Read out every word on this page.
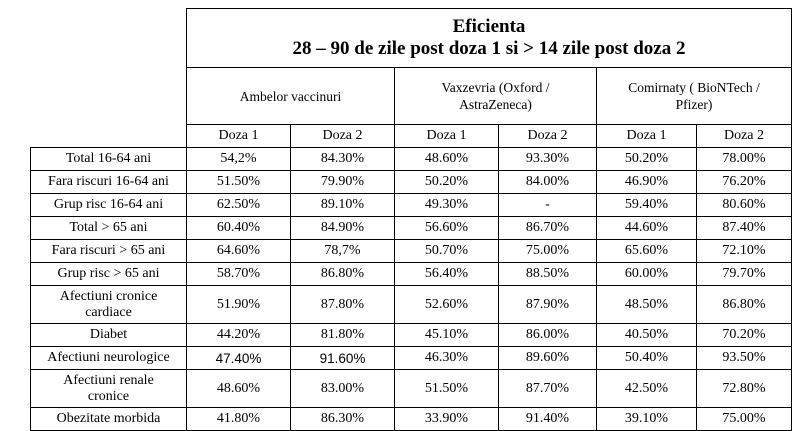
	Eficienta
28 – 90 de zile post doza 1 si > 14 zile post doza 2					

	Ambelor vaccinuri		Vaxzevria (Oxford / AstraZeneca)		Comirnaty ( BioNTech / Pfizer)	

	Doza 1	Doza 2	Doza 1	Doza 2	Doza 1	Doza 2
Total 16-64 ani	54,2%	84.30%	48.60%	93.30%	50.20%	78.00%
Fara riscuri 16-64 ani	51.50%	79.90%	50.20%	84.00%	46.90%	76.20%
Grup risc 16-64 ani	62.50%	89.10%	49.30%	-	59.40%	80.60%
Total > 65 ani	60.40%	84.90%	56.60%	86.70%	44.60%	87.40%
Fara riscuri > 65 ani	64.60%	78,7%	50.70%	75.00%	65.60%	72.10%
Grup risc > 65 ani	58.70%	86.80%	56.40%	88.50%	60.00%	79.70%

Afectiuni cronice cardiace	51.90%	87.80%	52.60%	87.90%	48.50%	86.80%
Diabet	44.20%	81.80%	45.10%	86.00%	40.50%	70.20%
Afectiuni neurologice	47.40%	91.60%	46.30%	89.60%	50.40%	93.50%

Afectiuni renale cronice	48.60%	83.00%	51.50%	87.70%	42.50%	72.80%
Obezitate morbida	41.80%	86.30%	33.90%	91.40%	39.10%	75.00%
